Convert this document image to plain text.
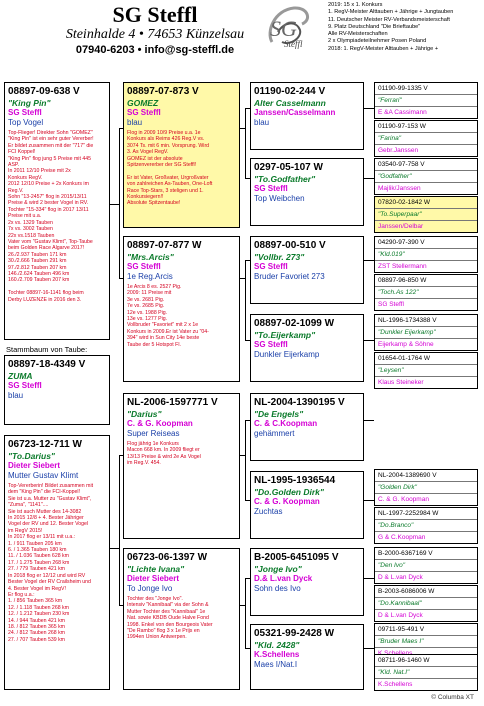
SG Steffl
Steinhalde 4 • 74653 Künzelsau
07940-6203 • info@sg-steffl.de
SG
Steffl
2019: 15 x 1. Konkurs
1. RegV-Meister Alttauben + Jährige + Jungtauben
11. Deutscher Meister RV-Verbandsmeisterschaft
9. Platz Deutschland "Die Brieftaube"
Alle RV-Meisterschaften
2 x Olympiadeteilnehmer Posen Poland
2018: 1. RegV-Meister Alttauben + Jährige +
08897-09-638 V
"King Pin"
SG Steffl
Top Vogel
Top-Flieger! Direkter Sohn "GOMEZ"
"King Pin" ist ein sehr guter Vererber!
Er bildet zusammen mit der "717" die
FCI Koppel!
"King Pin" flog jung 5 Preise mit 445
ASP.
In 2011 12/10 Preise mit 2x
Konkurs RegV.
2012 12/10 Preise + 2x Konkurs im
Reg.V.
Sohn "13-2457" flog in 2015/13/11
Preise & wird 2 bester Vogel in RV.
Tochter "15-334" flog in 2017 13/11
Preise mit u.a.
2x vs. 1329 Tauben
7x vs. 3002 Tauben
22x vs.1518 Tauben
Vater vom "Gustav Klimt", Top-Taube
beim Golden Race Algarve 2017!
26./2.937 Tauben 171 km
30./2.666 Tauben 291 km
97./2.812 Tauben 207 km
146./2.624 Tauben 496 km
160./2.709 Tauben 207 km

Tochter 08897-16-1141 flog beim
Derby LUZENZE in 2016 den 3.
Stammbaum von Taube:
08897-18-4349 V
ZUMA
SG Steffl
blau
06723-12-711 W
"To.Darius"
Dieter Siebert
Mutter Gustav Klimt
Top-Vererberin! Bildet zusammen mit
dem "King Pin" die FCI-Koppel!
Sie ist u.a. Mutter zu "Gustav Klimt",
"Zuma", "1141"....
Sie ist auch Mutter des 14-3082
In 2015 12/8 + 4. Bester Jähriger
Vogel der RV und 12. Bester Vogel
im RegV 2015!
In 2017 flog er 13/11 mit u.a.:
1. / 911 Tauben 205 km
6. / 1.365 Tauben 180 km
11. / 1.036 Tauben 628 km
17. / 1.275 Tauben 268 km
27. / 779 Tauben 421 km
In 2018 flog er 12/12 und wird RV
Bester Vogel der RV Crailsheim und
4. Bester Vogel im RegV!
Er flog u.a.:
1. / 856 Tauben 365 km
12. / 1.118 Tauben 268 km
12. / 1.212 Tauben 230 km
14. / 944 Tauben 421 km
18. / 812 Tauben 365 km
24. / 812 Tauben 268 km
27. / 707 Tauben 539 km
08897-07-873 V
GOMEZ
SG Steffl
blau
Flog in 2009 10/9 Preise u.a. 1e
Konkurs als Reims 426 Reg.V vs.
3074 Ts. mit 6 min. Vorsprung. Wird
3. As Vogel RegV.
GOMEZ ist der absolute
Spitzenvererber der SG Steffl!

Er ist Vater, Großvater, Urgroßvater
von zahlreichen As-Tauben, One-Loft
Race Top-Stars, 3 steligen und 1.
Konkursiegern!!
Absolute Spitzentaube!
08897-07-877 W
"Mrs.Arcis"
SG Steffl
1e Reg.Arcis
1e Arcis 8 es. 2527 Pig.
2009: 11 Preise mit
3e vs. 2681 Pig.
7e vs. 2685 Pig.
12e vs. 1988 Pig.
13e vs. 1277 Pig.
Vollbruder "Favoriet" mit 2 x 1e
Konkurs in 2009.Er ist Vater zu "04-
394" wird in Sun City 14e beste
Taube der 5 Hotspot Fl.
NL-2006-1597771 V
"Darius"
C. & G. Koopman
Super Reiseas
Flog jährig 1e Konkurs
Macon 668 km. In 2009 fliegt er
13/13 Preise & wird 2e As Vogel
im Reg.V. 454.
06723-06-1397 W
"Lichte Ivana"
Dieter Siebert
To Jonge Ivo
Tochter des "Jonge Ivo".
Intensiv "Kannibaal" via der Sohn &
Mutter Tochter des "Kannibaal" 1e
Nat. sowie KBDB Oude Halve Fond
1998. Enkel von den Bourgeois Vater
"De Rambo" flog 3 x 1e Prijs en
1994en Union Antwerpen.
01190-02-244 V
Alter Casselmann
Janssen/Casselmann
blau
0297-05-107 W
"To.Godfather"
SG Steffl
Top Weibchen
08897-00-510 V
"Vollbr. 273"
SG Steffl
Bruder Favoriet 273
08897-02-1099 W
"To.Eijerkamp"
SG Steffl
Dunkler Eijerkamp
NL-2004-1390195 V
"De Engels"
C. & C.Koopman
gehämmert
NL-1995-1936544
"Do.Golden Dirk"
C. & G. Koopman
Zuchtas
B-2005-6451095 V
"Jonge Ivo"
D.& L.van Dyck
Sohn des Ivo
05321-99-2428 W
"Kld. 2428"
K.Schellens
Maes I/Nat.I
01190-99-1335 V
"Ferrari"
E &A Cassimann
01190-97-153 W
"Farina"
Gebr.Janssen
03540-97-758 V
"Godfather"
Majlik/Janssen
07820-02-1842 W
"To.Superpaar"
Janssen/Delbar
04290-97-390 V
"Kld.019"
ZST Stellermann
08897-96-850 W
"Toch.As 122"
SG Steffl
NL-1996-1734388 V
"Dunkler Eijerkamp"
Eijerkamp & Söhne
01654-01-1764 W
"Leysen"
Klaus Steineker
NL-2004-1389690 V
"Golden Dirk"
C. & G. Koopman
NL-1997-2252984 W
"Do.Branco"
G & C.Koopman
B-2000-6367169 V
"Den Ivo"
D & L.van Dyck
B-2003-6086006 W
"Do.Kannibaal"
D & L.van Dyck
09711-95-491 V
"Bruder Maes I"
08711-96-1460 W
"Kld. Nat.I"
K.Schellens
© Columba XT
